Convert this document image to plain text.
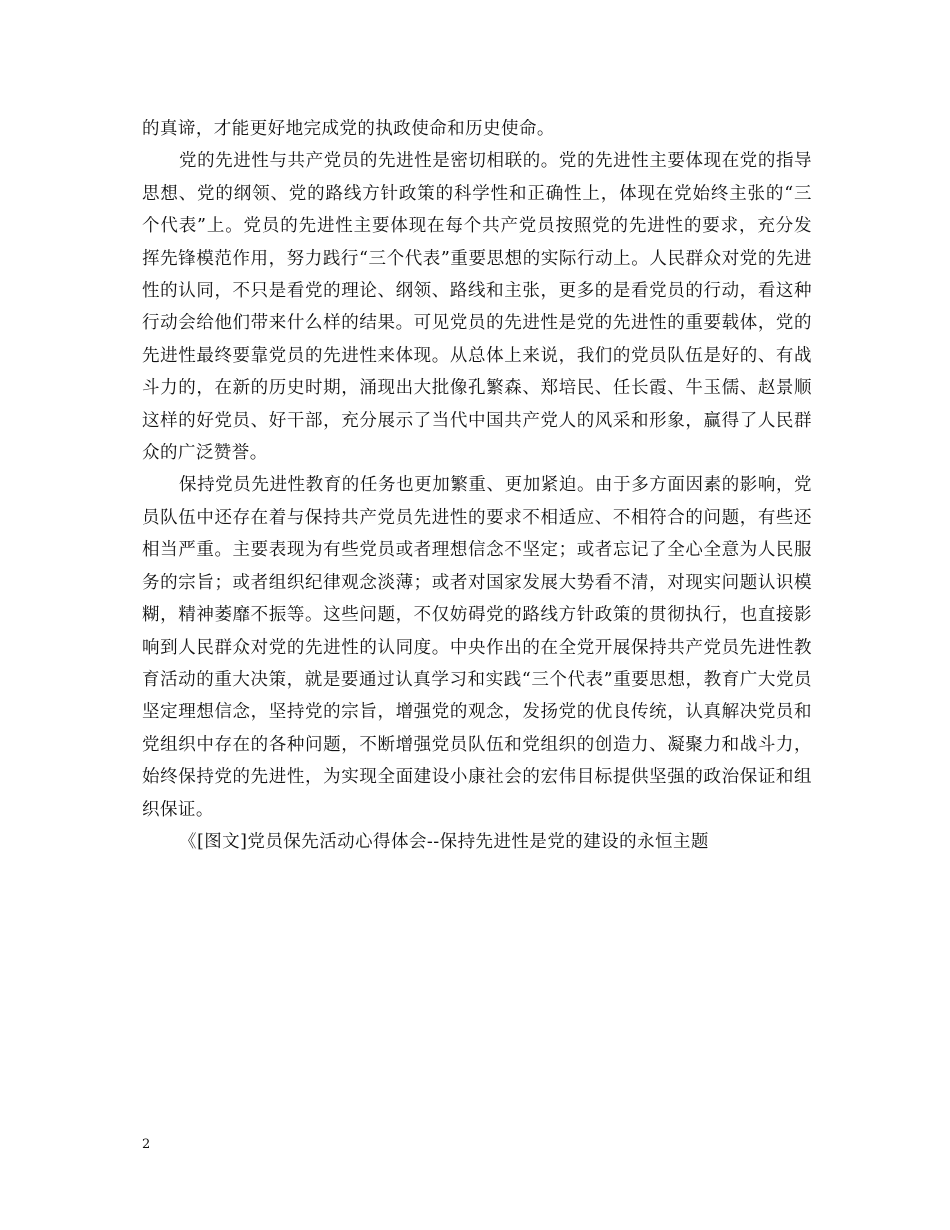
的真谛，才能更好地完成党的执政使命和历史使命。

党的先进性与共产党员的先进性是密切相联的。党的先进性主要体现在党的指导思想、党的纲领、党的路线方针政策的科学性和正确性上，体现在党始终主张的“三个代表”上。党员的先进性主要体现在每个共产党员按照党的先进性的要求，充分发挥先锋模范作用，努力践行“三个代表”重要思想的实际行动上。人民群众对党的先进性的认同，不只是看党的理论、纲领、路线和主张，更多的是看党员的行动，看这种行动会给他们带来什么样的结果。可见党员的先进性是党的先进性的重要载体，党的先进性最终要靠党员的先进性来体现。从总体上来说，我们的党员队伍是好的、有战斗力的，在新的历史时期，涌现出大批像孔繁森、郑培民、任长霞、牛玉儒、赵景顺这样的好党员、好干部，充分展示了当代中国共产党人的风采和形象，赢得了人民群众的广泛赞誉。

保持党员先进性教育的任务也更加繁重、更加紧迫。由于多方面因素的影响，党员队伍中还存在着与保持共产党员先进性的要求不相适应、不相符合的问题，有些还相当严重。主要表现为有些党员或者理想信念不坚定；或者忘记了全心全意为人民服务的宗旨；或者组织纪律观念淡薄；或者对国家发展大势看不清，对现实问题认识模糊，精神萎靡不振等。这些问题，不仅妨碍党的路线方针政策的贯彻执行，也直接影响到人民群众对党的先进性的认同度。中央作出的在全党开展保持共产党员先进性教育活动的重大决策，就是要通过认真学习和实践“三个代表”重要思想，教育广大党员坚定理想信念，坚持党的宗旨，增强党的观念，发扬党的优良传统，认真解决党员和党组织中存在的各种问题，不断增强党员队伍和党组织的创造力、凝聚力和战斗力，始终保持党的先进性，为实现全面建设小康社会的宏伟目标提供坚强的政治保证和组织保证。

《[图文]党员保先活动心得体会--保持先进性是党的建设的永恒主题

2
